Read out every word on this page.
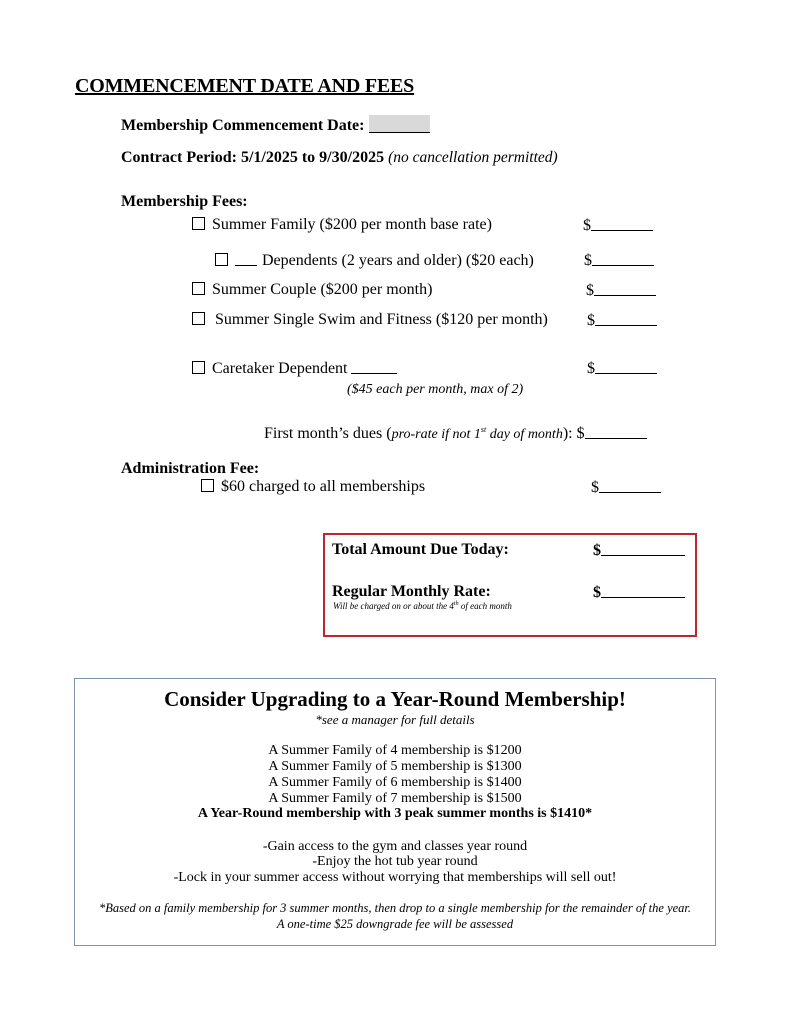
COMMENCEMENT DATE AND FEES
Membership Commencement Date:
Contract Period: 5/1/2025 to 9/30/2025 (no cancellation permitted)
Membership Fees:
Summer Family ($200 per month base rate)	$
Dependents (2 years and older) ($20 each)	$
Summer Couple ($200 per month)	$
Summer Single Swim and Fitness ($120 per month) $
Caretaker Dependent	$
($45 each per month, max of 2)
First month’s dues (pro-rate if not 1st day of month): $
Administration Fee:
$60 charged to all memberships	$
Total Amount Due Today:	$
Regular Monthly Rate:	$
Will be charged on or about the 4th of each month
Consider Upgrading to a Year-Round Membership!
*see a manager for full details
A Summer Family of 4 membership is $1200
A Summer Family of 5 membership is $1300
A Summer Family of 6 membership is $1400
A Summer Family of 7 membership is $1500
A Year-Round membership with 3 peak summer months is $1410*
-Gain access to the gym and classes year round
-Enjoy the hot tub year round
-Lock in your summer access without worrying that memberships will sell out!
*Based on a family membership for 3 summer months, then drop to a single membership for the remainder of the year.
A one-time $25 downgrade fee will be assessed
